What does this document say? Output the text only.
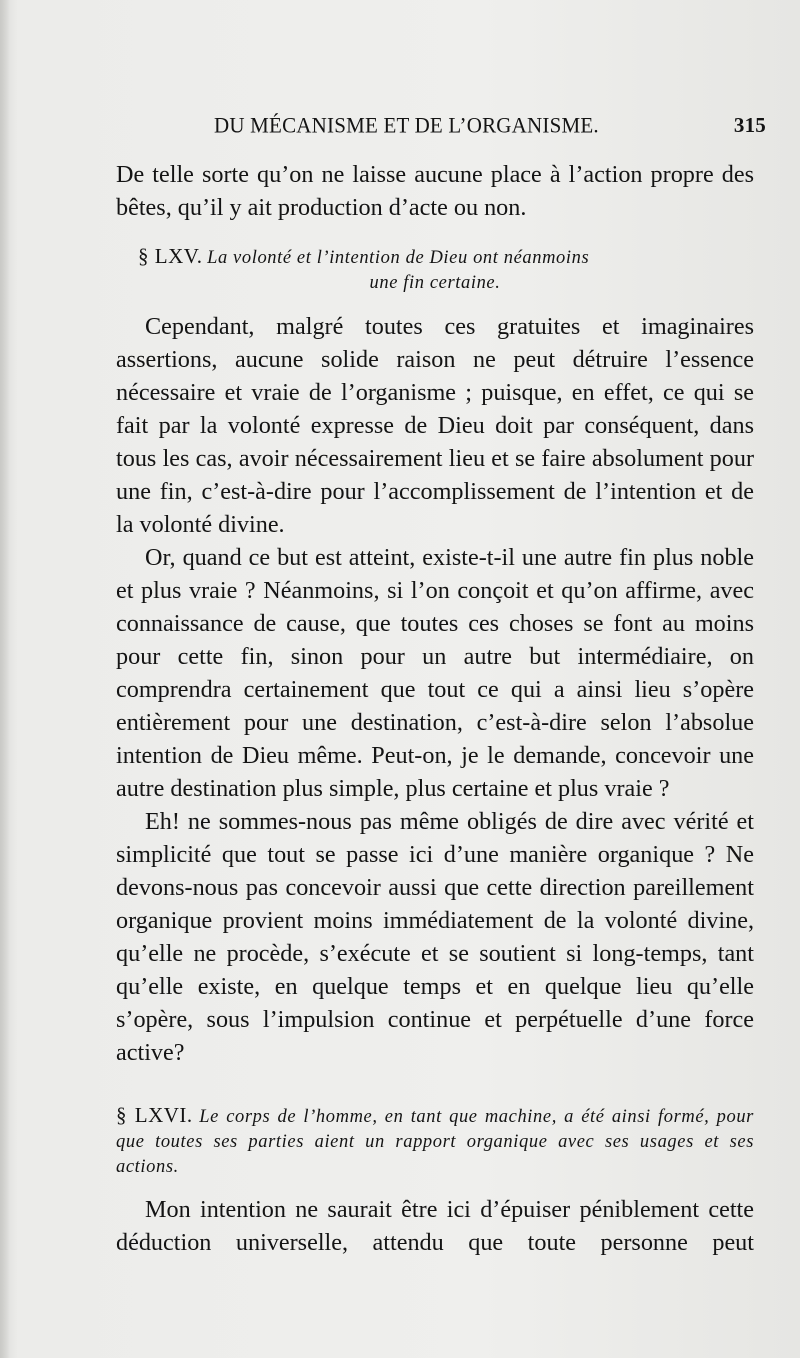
DU MÉCANISME ET DE L’ORGANISME.	315

De telle sorte qu’on ne laisse aucune place à l’action propre des bêtes, qu’il y ait production d’acte ou non.

§ LXV. La volonté et l’intention de Dieu ont néanmoins

une fin certaine.

Cependant, malgré toutes ces gratuites et imaginaires assertions, aucune solide raison ne peut détruire l’essence nécessaire et vraie de l’organisme ; puisque, en effet, ce qui se fait par la volonté expresse de Dieu doit par conséquent, dans tous les cas, avoir nécessairement lieu et se faire absolument pour une fin, c’est-à-dire pour l’accomplissement de l’intention et de la volonté divine.

Or, quand ce but est atteint, existe-t-il une autre fin plus noble et plus vraie ? Néanmoins, si l’on conçoit et qu’on affirme, avec connaissance de cause, que toutes ces choses se font au moins pour cette fin, sinon pour un autre but intermédiaire, on comprendra certainement que tout ce qui a ainsi lieu s’opère entièrement pour une destination, c’est-à-dire selon l’absolue intention de Dieu même. Peut-on, je le demande, concevoir une autre destination plus simple, plus certaine et plus vraie ?

Eh! ne sommes-nous pas même obligés de dire avec vérité et simplicité que tout se passe ici d’une manière organique ? Ne devons-nous pas concevoir aussi que cette direction pareillement organique provient moins immédiatement de la volonté divine, qu’elle ne procède, s’exécute et se soutient si long-temps, tant qu’elle existe, en quelque temps et en quelque lieu qu’elle s’opère, sous l’impulsion continue et perpétuelle d’une force active?

§ LXVI. Le corps de l’homme, en tant que machine, a été ainsi formé, pour que toutes ses parties aient un rapport organique avec ses usages et ses actions.

Mon intention ne saurait être ici d’épuiser péniblement cette déduction universelle, attendu que toute personne peut
